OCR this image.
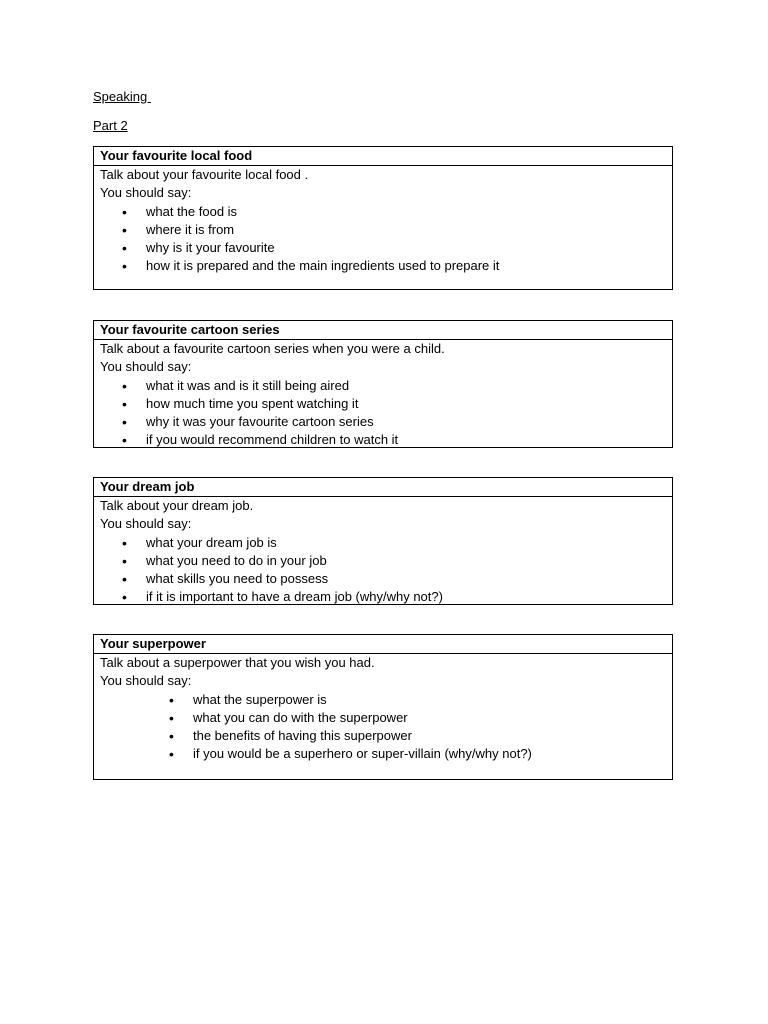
Speaking
Part 2
Your favourite local food
Talk about your favourite local food .
You should say:
• what the food is
• where it is from
• why is it your favourite
• how it is prepared and the main ingredients used to prepare it
Your favourite cartoon series
Talk about a favourite cartoon series when you were a child.
You should say:
• what it was and is it still being aired
• how much time you spent watching it
• why it was your favourite cartoon series
• if you would recommend children to watch it
Your dream job
Talk about your dream job.
You should say:
• what your dream job is
• what you need to do in your job
• what skills you need to possess
• if it is important to have a dream job (why/why not?)
Your superpower
Talk about a superpower that you wish you had.
You should say:
• what the superpower is
• what you can do with the superpower
• the benefits of having this superpower
• if you would be a superhero or super-villain (why/why not?)
